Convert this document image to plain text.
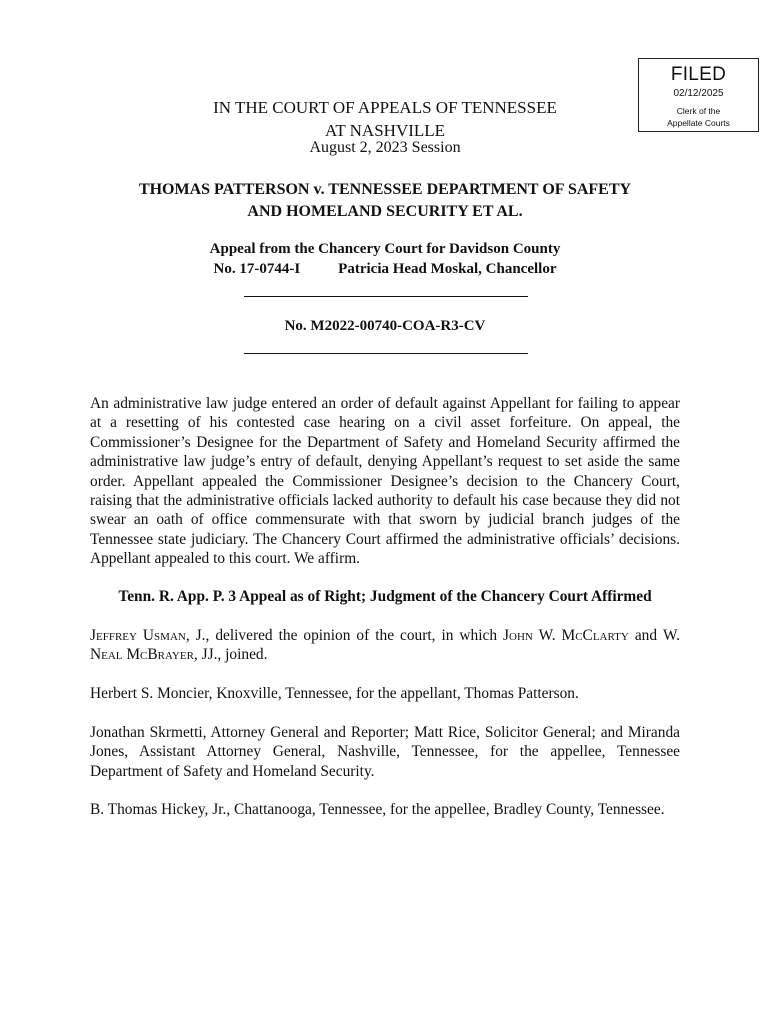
FILED
02/12/2025
Clerk of the
Appellate Courts
IN THE COURT OF APPEALS OF TENNESSEE
AT NASHVILLE
August 2, 2023 Session
THOMAS PATTERSON v. TENNESSEE DEPARTMENT OF SAFETY
AND HOMELAND SECURITY ET AL.
Appeal from the Chancery Court for Davidson County
No. 17-0744-I	Patricia Head Moskal, Chancellor
No. M2022-00740-COA-R3-CV

An administrative law judge entered an order of default against Appellant for failing to appear at a resetting of his contested case hearing on a civil asset forfeiture. On appeal, the Commissioner’s Designee for the Department of Safety and Homeland Security affirmed the administrative law judge’s entry of default, denying Appellant’s request to set aside the same order. Appellant appealed the Commissioner Designee’s decision to the Chancery Court, raising that the administrative officials lacked authority to default his case because they did not swear an oath of office commensurate with that sworn by judicial branch judges of the Tennessee state judiciary. The Chancery Court affirmed the administrative officials’ decisions. Appellant appealed to this court. We affirm.

Tenn. R. App. P. 3 Appeal as of Right; Judgment of the Chancery Court Affirmed

Jeffrey Usman, J., delivered the opinion of the court, in which John W. McClarty and W. Neal McBrayer, JJ., joined.

Herbert S. Moncier, Knoxville, Tennessee, for the appellant, Thomas Patterson.

Jonathan Skrmetti, Attorney General and Reporter; Matt Rice, Solicitor General; and Miranda Jones, Assistant Attorney General, Nashville, Tennessee, for the appellee, Tennessee Department of Safety and Homeland Security.

B. Thomas Hickey, Jr., Chattanooga, Tennessee, for the appellee, Bradley County, Tennessee.
